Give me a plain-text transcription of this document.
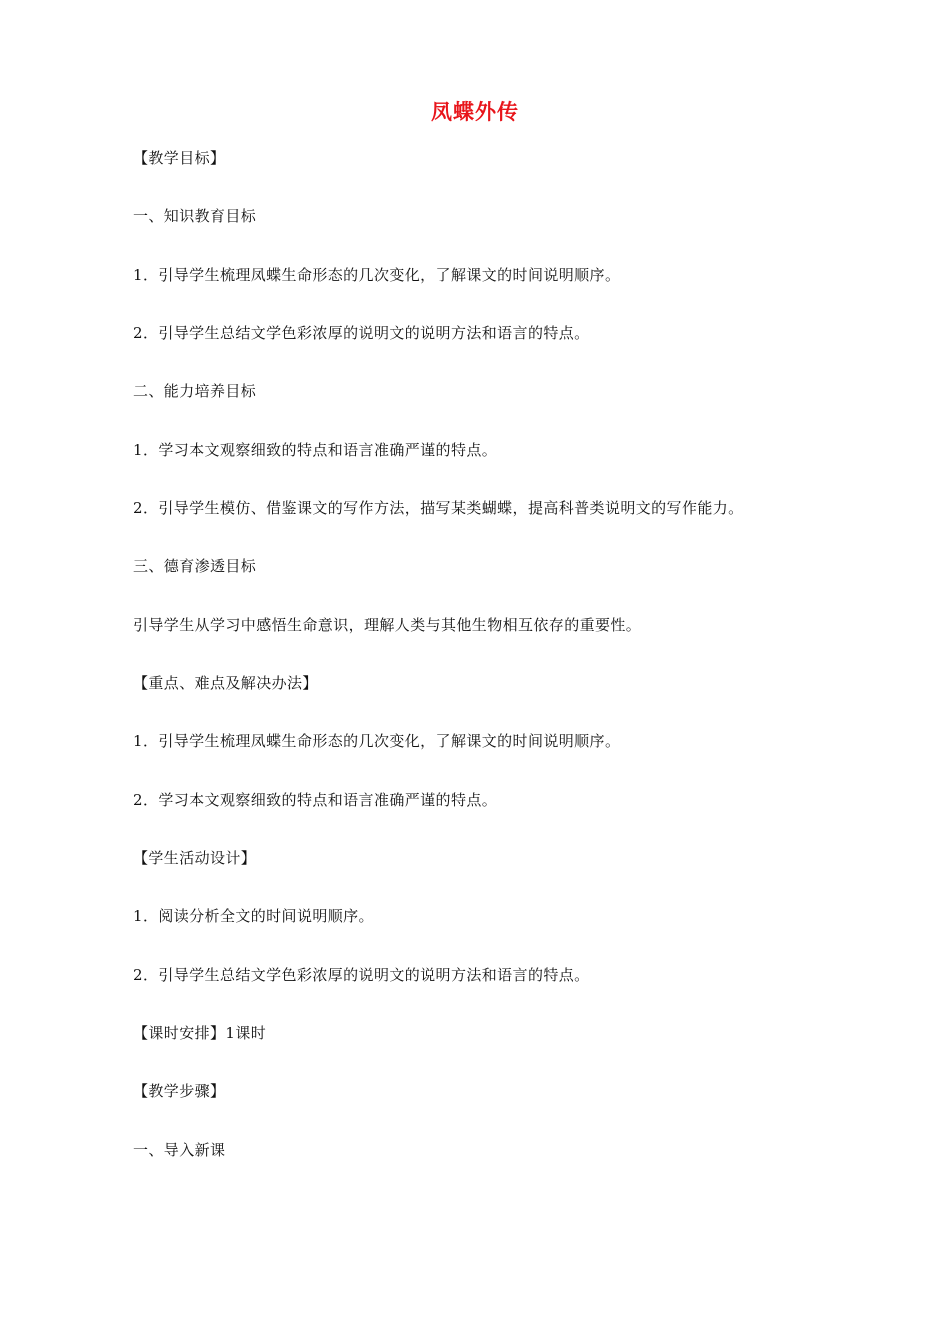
凤蝶外传
【教学目标】
一、知识教育目标
1．引导学生梳理凤蝶生命形态的几次变化，了解课文的时间说明顺序。
2．引导学生总结文学色彩浓厚的说明文的说明方法和语言的特点。
二、能力培养目标
1．学习本文观察细致的特点和语言准确严谨的特点。
2．引导学生模仿、借鉴课文的写作方法，描写某类蝴蝶，提高科普类说明文的写作能力。
三、德育渗透目标
引导学生从学习中感悟生命意识，理解人类与其他生物相互依存的重要性。
【重点、难点及解决办法】
1．引导学生梳理凤蝶生命形态的几次变化，了解课文的时间说明顺序。
2．学习本文观察细致的特点和语言准确严谨的特点。
【学生活动设计】
1．阅读分析全文的时间说明顺序。
2．引导学生总结文学色彩浓厚的说明文的说明方法和语言的特点。
【课时安排】1课时
【教学步骤】
一、导入新课
